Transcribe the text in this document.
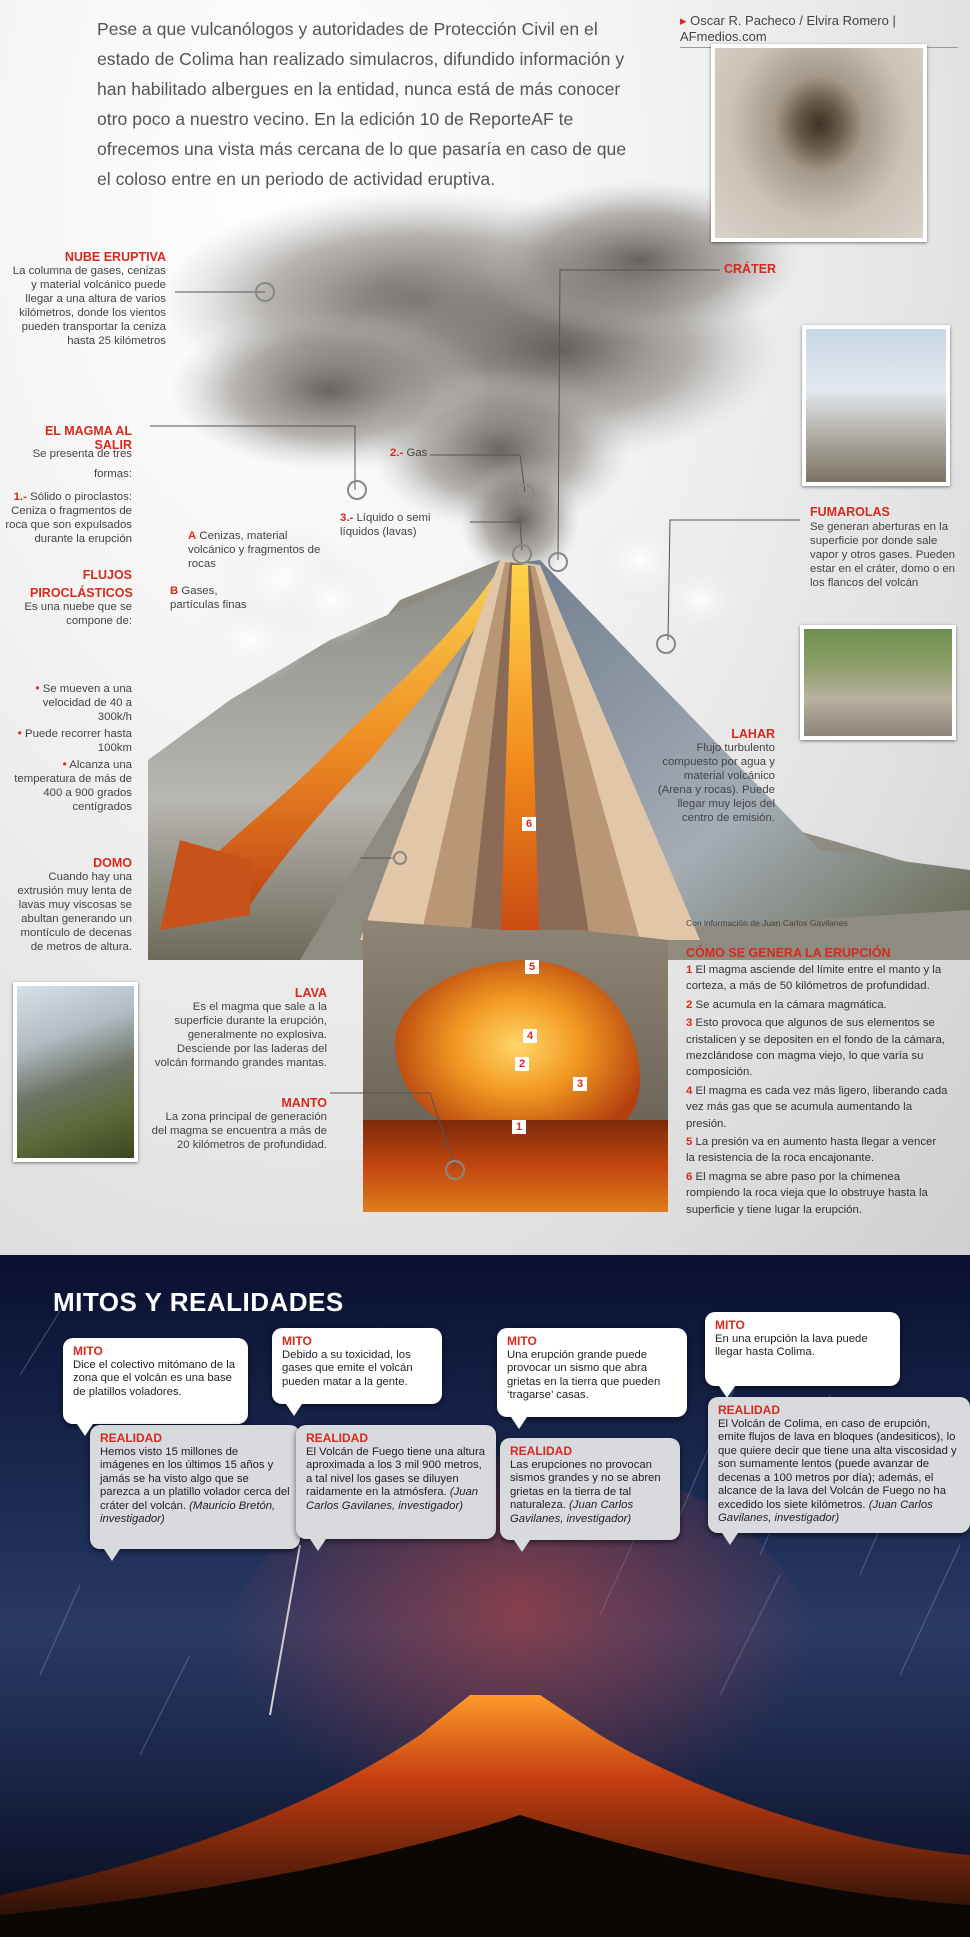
Pese a que vulcanólogos y autoridades de Protección Civil en el estado de Colima han realizado simulacros, difundido información y han habilitado albergues en la entidad, nunca está de más conocer otro poco a nuestro vecino. En la edición 10 de ReporteAF te ofrecemos una vista más cercana de lo que pasaría en caso de que el coloso entre en un periodo de actividad eruptiva.
▸ Oscar R. Pacheco / Elvira Romero | AFmedios.com
NUBE ERUPTIVA
La columna de gases, cenizas y material volcánico puede llegar a una altura de varios kilómetros, donde los vientos pueden transportar la ceniza hasta 25 kilómetros
CRÁTER
EL MAGMA AL SALIR
Se presenta de tres formas:
1.- Sólido o piroclastos: Ceniza o fragmentos de roca que son expulsados durante la erupción
2.- Gas
3.- Líquido o semi líquidos (lavas)
FLUJOS PIROCLÁSTICOS
Es una nuebe que se compone de:
A Cenizas, material volcánico y fragmentos de rocas
B Gases, partículas finas
• Se mueven a una velocidad de 40 a 300k/h
• Puede recorrer hasta 100km
• Alcanza una temperatura de más de 400 a 900 grados centígrados
FUMAROLAS
Se generan aberturas en la superficie por donde sale vapor y otros gases. Pueden estar en el cráter, domo o en los flancos del volcán
LAHAR
Flujo turbulento compuesto por agua y material volcánico (Arena y rocas). Puede llegar muy lejos del centro de emisión.
DOMO
Cuando hay una extrusión muy lenta de lavas muy viscosas se abultan generando un montículo de decenas de metros de altura.
LAVA
Es el magma que sale a la superficie durante la erupción, generalmente no explosiva. Desciende por las laderas del volcán formando grandes mantas.
MANTO
La zona principal de generación del magma se encuentra a más de 20 kilómetros de profundidad.
6
5
4
2
3
1
Con información de Juan Carlos Gavilanes
CÓMO SE GENERA LA ERUPCIÓN
1 El magma asciende del límite entre el manto y la corteza, a más de 50 kilómetros de profundidad.
2 Se acumula en la cámara magmática.
3 Esto provoca que algunos de sus elementos se cristalicen y se depositen en el fondo de la cámara, mezclándose con magma viejo, lo que varía su composición.
4 El magma es cada vez más ligero, liberando cada vez más gas que se acumula aumentando la presión.
5 La presión va en aumento hasta llegar a vencer la resistencia de la roca encajonante.
6 El magma se abre paso por la chimenea rompiendo la roca vieja que lo obstruye hasta la superficie y tiene lugar la erupción.
MITOS Y REALIDADES
MITO
Dice el colectivo mitómano de la zona que el volcán es una base de platillos voladores.
REALIDAD
Hemos visto 15 millones de imágenes en los últimos 15 años y jamás se ha visto algo que se parezca a un platillo volador cerca del cráter del volcán. (Mauricio Bretón, investigador)
MITO
Debido a su toxicidad, los gases que emite el volcán pueden matar a la gente.
REALIDAD
El Volcán de Fuego tiene una altura aproximada a los 3 mil 900 metros, a tal nivel los gases se diluyen raidamente en la atmósfera. (Juan Carlos Gavilanes, investigador)
MITO
Una erupción grande puede provocar un sismo que abra grietas en la tierra que pueden ‘tragarse’ casas.
REALIDAD
Las erupciones no provocan sismos grandes y no se abren grietas en la tierra de tal naturaleza. (Juan Carlos Gavilanes, investigador)
MITO
En una erupción la lava puede llegar hasta Colima.
REALIDAD
El Volcán de Colima, en caso de erupción, emite flujos de lava en bloques (andesiticos), lo que quiere decir que tiene una alta viscosidad y son sumamente lentos (puede avanzar de decenas a 100 metros por día); además, el alcance de la lava del Volcán de Fuego no ha excedido los siete kilómetros. (Juan Carlos Gavilanes, investigador)
